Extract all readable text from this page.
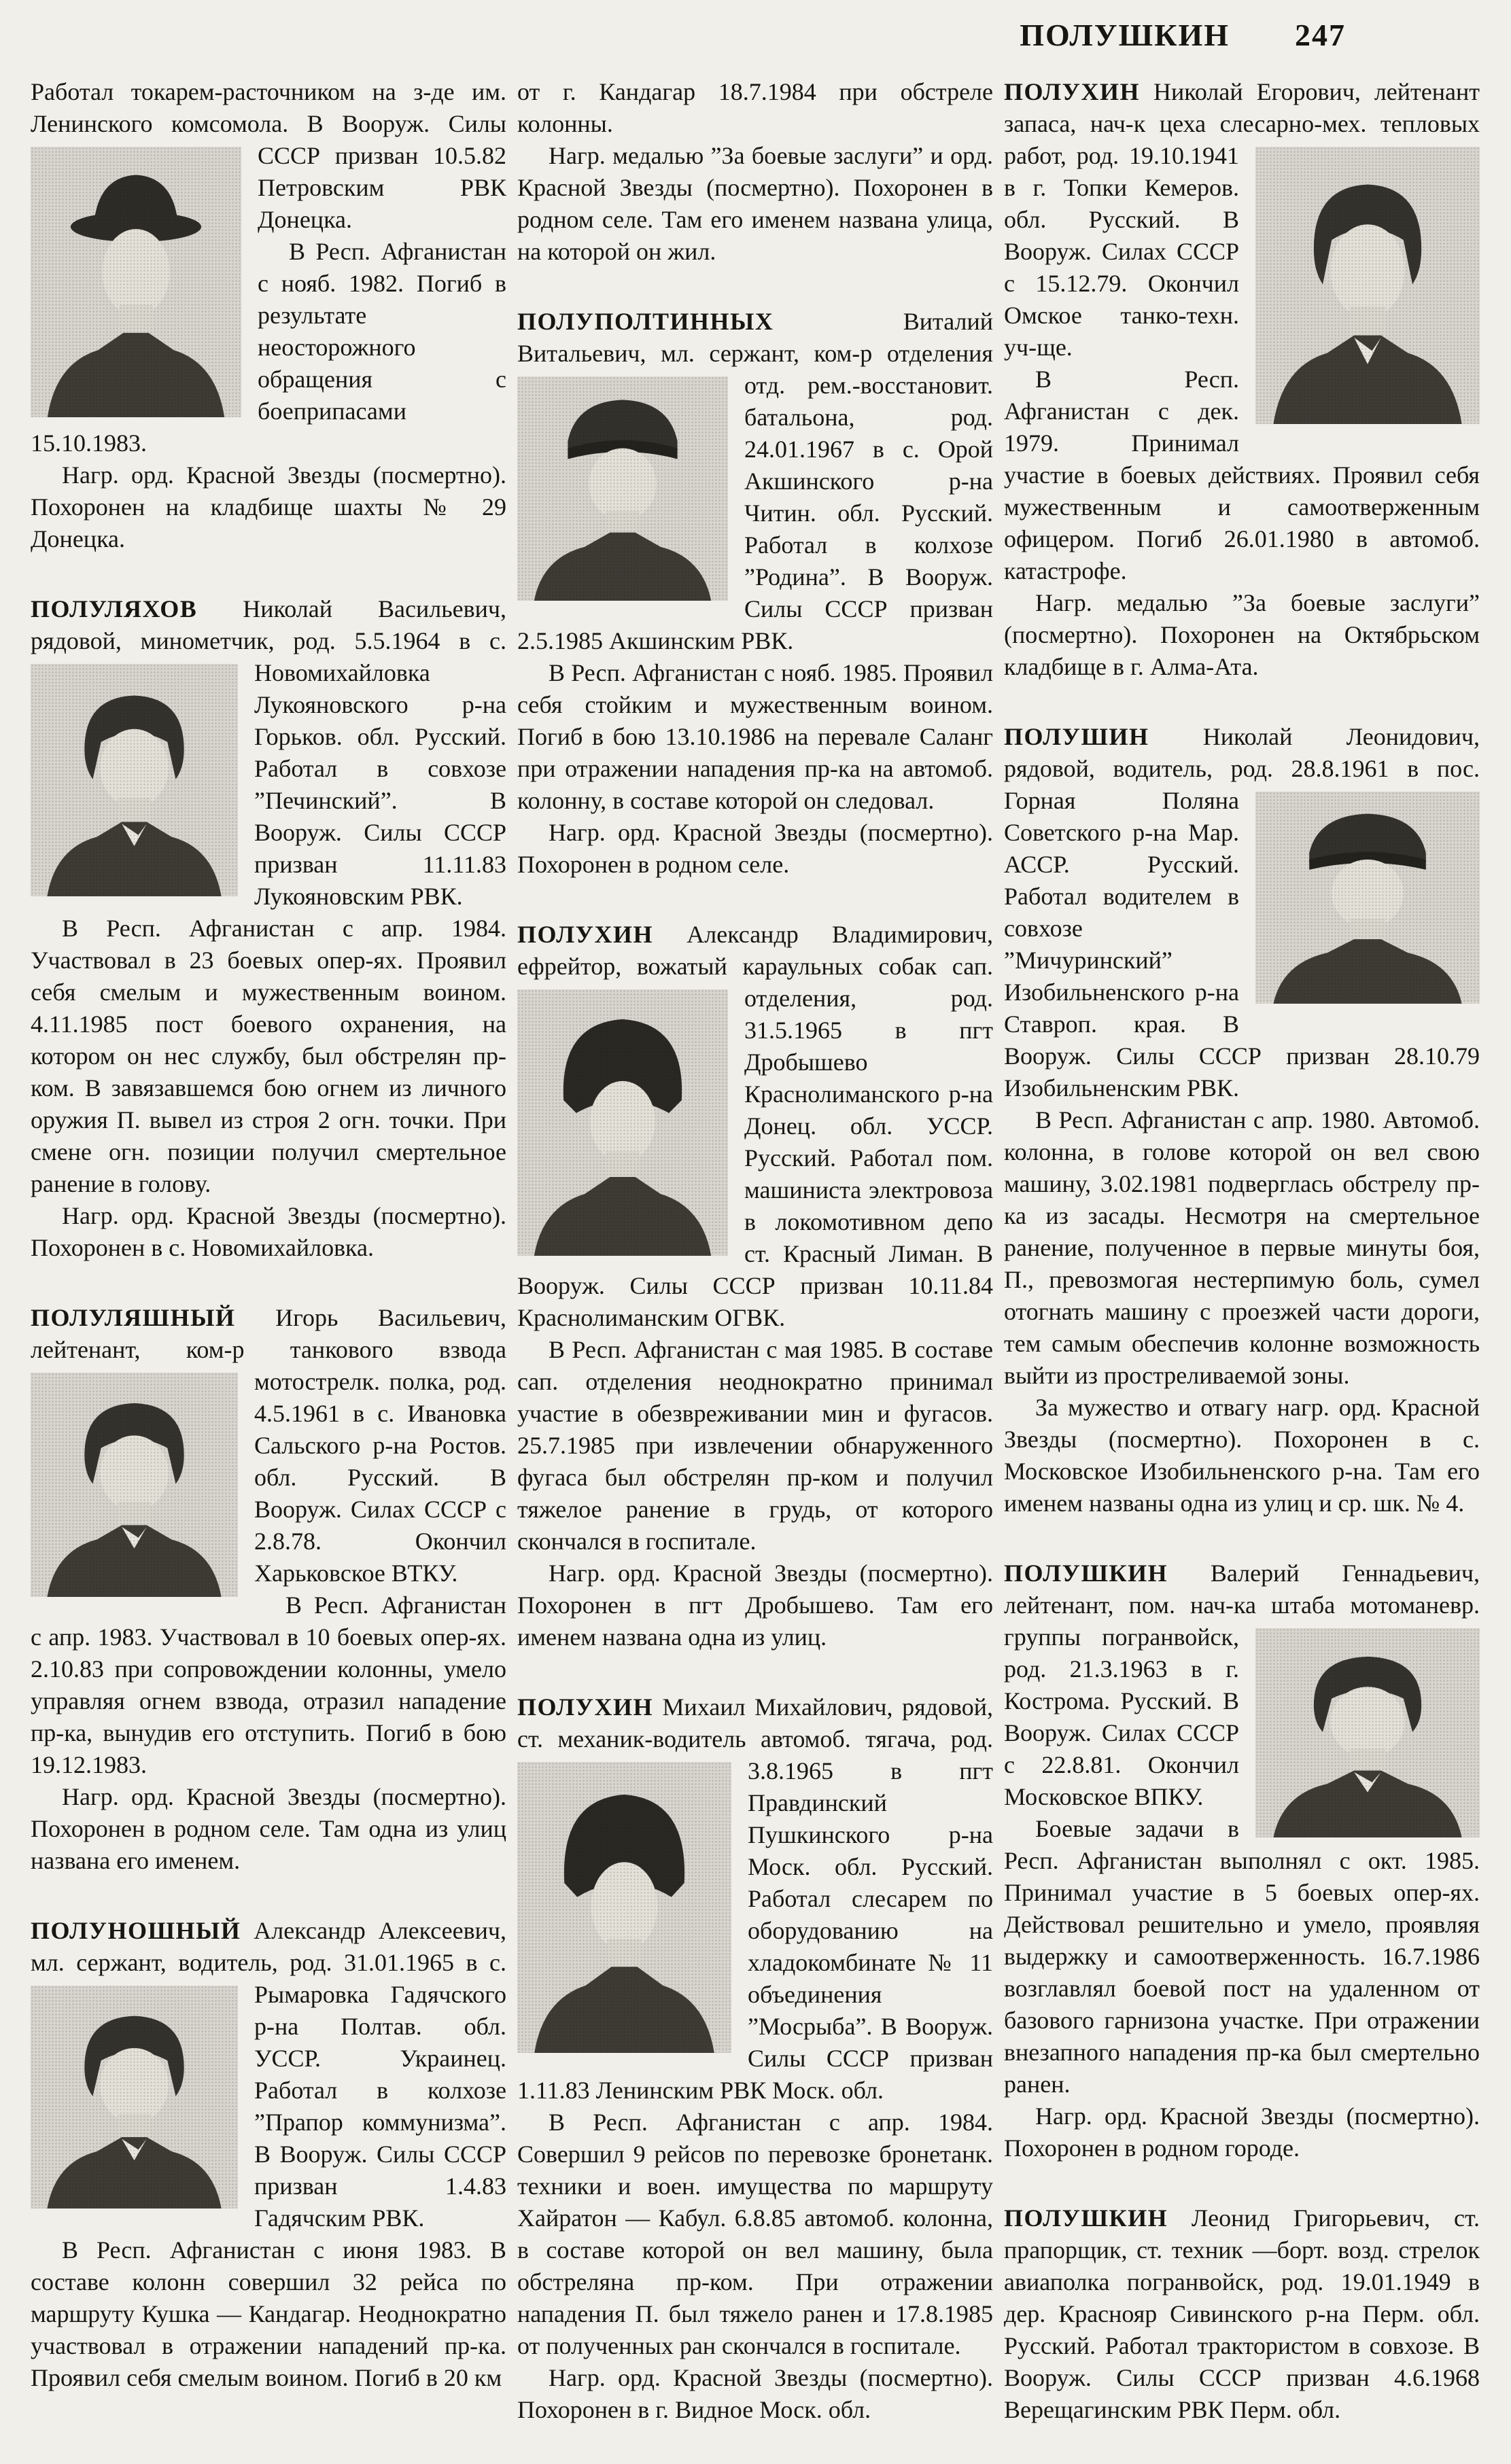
ПОЛУШКИН 247

Работал токарем-расточником на з-де им. Ленинского комсомола. В Вооруж. Силы
СССР призван 10.5.82 Петровским РВК Донецка.

В Респ. Афганистан с нояб. 1982. Погиб в результате неосторожного обращения с боеприпасами 15.10.1983.

Нагр. орд. Красной Звезды (посмертно). Похоронен на кладбище шахты № 29 Донецка.

ПОЛУЛЯХОВ Николай Васильевич, рядовой, минометчик, род. 5.5.1964 в с.
Новомихайловка Лукояновского р-на Горьков. обл. Русский. Работал в совхозе ”Печинский”. В Вооруж. Силы СССР призван 11.11.83 Лукояновским РВК.

В Респ. Афганистан с апр. 1984. Участвовал в 23 боевых опер-ях. Проявил себя смелым и мужественным воином. 4.11.1985 пост боевого охранения, на котором он нес службу, был обстрелян пр-ком. В завязавшемся бою огнем из личного оружия П. вывел из строя 2 огн. точки. При смене огн. позиции получил смертельное ранение в голову.

Нагр. орд. Красной Звезды (посмертно). Похоронен в с. Новомихайловка.

ПОЛУЛЯШНЫЙ Игорь Васильевич, лейтенант, ком-р танкового взвода
мотострелк. полка, род. 4.5.1961 в с. Ивановка Сальского р-на Ростов. обл. Русский. В Вооруж. Силах СССР с 2.8.78. Окончил Харьковское ВТКУ.

В Респ. Афганистан с апр. 1983. Участвовал в 10 боевых опер-ях. 2.10.83 при сопровождении колонны, умело управляя огнем взвода, отразил нападение пр-ка, вынудив его отступить. Погиб в бою 19.12.1983.

Нагр. орд. Красной Звезды (посмертно). Похоронен в родном селе. Там одна из улиц названа его именем.

ПОЛУНОШНЫЙ Александр Алексеевич, мл. сержант, водитель, род. 31.01.1965 в
с. Рымаровка Гадячского р-на Полтав. обл. УССР. Украинец. Работал в колхозе ”Прапор коммунизма”. В Вооруж. Силы СССР призван 1.4.83 Гадячским РВК.

В Респ. Афганистан с июня 1983. В составе колонн совершил 32 рейса по маршруту Кушка — Кандагар. Неоднократно участвовал в отражении нападений пр-ка. Проявил себя смелым воином. Погиб в 20 км

от г. Кандагар 18.7.1984 при обстреле колонны.

Нагр. медалью ”За боевые заслуги” и орд. Красной Звезды (посмертно). Похоронен в родном селе. Там его именем названа улица, на которой он жил.

ПОЛУПОЛТИННЫХ Виталий Витальевич, мл. сержант, ком-р отделения отд.
рем.-восстановит. батальона, род. 24.01.1967 в с. Орой Акшинского р-на Читин. обл. Русский. Работал в колхозе ”Родина”. В Вооруж. Силы СССР призван 2.5.1985 Акшинским РВК.

В Респ. Афганистан с нояб. 1985. Проявил себя стойким и мужественным воином. Погиб в бою 13.10.1986 на перевале Саланг при отражении нападения пр-ка на автомоб. колонну, в составе которой он следовал.

Нагр. орд. Красной Звезды (посмертно). Похоронен в родном селе.

ПОЛУХИН Александр Владимирович, ефрейтор, вожатый караульных собак сап.
отделения, род. 31.5.1965 в пгт Дробышево Краснолиманского р-на Донец. обл. УССР. Русский. Работал пом. машиниста электровоза в локомотивном депо ст. Красный Лиман. В Вооруж. Силы СССР призван 10.11.84 Краснолиманским ОГВК.

В Респ. Афганистан с мая 1985. В составе сап. отделения неоднократно принимал участие в обезвреживании мин и фугасов. 25.7.1985 при извлечении обнаруженного фугаса был обстрелян пр-ком и получил тяжелое ранение в грудь, от которого скончался в госпитале.

Нагр. орд. Красной Звезды (посмертно). Похоронен в пгт Дробышево. Там его именем названа одна из улиц.

ПОЛУХИН Михаил Михайлович, рядовой, ст. механик-водитель автомоб.
тягача, род. 3.8.1965 в пгт Правдинский Пушкинского р-на Моск. обл. Русский. Работал слесарем по оборудованию на хладокомбинате № 11 объединения ”Мосрыба”. В Вооруж. Силы СССР призван 1.11.83 Ленинским РВК Моск. обл.

В Респ. Афганистан с апр. 1984. Совершил 9 рейсов по перевозке бронетанк. техники и воен. имущества по маршруту Хайратон — Кабул. 6.8.85 автомоб. колонна, в составе которой он вел машину, была обстреляна пр-ком. При отражении нападения П. был тяжело ранен и 17.8.1985 от полученных ран скончался в госпитале.

Нагр. орд. Красной Звезды (посмертно). Похоронен в г. Видное Моск. обл.

ПОЛУХИН Николай Егорович, лейтенант запаса, нач-к цеха слесарно-мех. тепловых работ, род. 19.10.1941
в г. Топки Кемеров. обл. Русский. В Вооруж. Силах СССР с 15.12.79. Окончил Омское танко-техн. уч-ще.

В Респ. Афганистан с дек. 1979. Принимал участие в боевых действиях. Проявил себя мужественным и самоотверженным офицером. Погиб 26.01.1980 в автомоб. катастрофе.

Нагр. медалью ”За боевые заслуги” (посмертно). Похоронен на Октябрьском кладбище в г. Алма-Ата.

ПОЛУШИН Николай Леонидович, рядовой, водитель, род. 28.8.1961 в пос. Горная
Поляна Советского р-на Мар. АССР. Русский. Работал водителем в совхозе ”Мичуринский” Изобильненского р-на Ставроп. края. В Вооруж. Силы СССР призван 28.10.79 Изобильненским РВК.

В Респ. Афганистан с апр. 1980. Автомоб. колонна, в голове которой он вел свою машину, 3.02.1981 подверглась обстрелу пр-ка из засады. Несмотря на смертельное ранение, полученное в первые минуты боя, П., превозмогая нестерпимую боль, сумел отогнать машину с проезжей части дороги, тем самым обеспечив колонне возможность выйти из простреливаемой зоны.

За мужество и отвагу нагр. орд. Красной Звезды (посмертно). Похоронен в с. Московское Изобильненского р-на. Там его именем названы одна из улиц и ср. шк. № 4.

ПОЛУШКИН Валерий Геннадьевич, лейтенант, пом. нач-ка штаба мотоманевр.
группы погранвойск, род. 21.3.1963 в г. Кострома. Русский. В Вооруж. Силах СССР с 22.8.81. Окончил Московское ВПКУ.

Боевые задачи в Респ. Афганистан выполнял с окт. 1985. Принимал участие в 5 боевых опер-ях. Действовал решительно и умело, проявляя выдержку и самоотверженность. 16.7.1986 возглавлял боевой пост на удаленном от базового гарнизона участке. При отражении внезапного нападения пр-ка был смертельно ранен.

Нагр. орд. Красной Звезды (посмертно). Похоронен в родном городе.

ПОЛУШКИН Леонид Григорьевич, ст. прапорщик, ст. техник —борт. возд. стрелок авиаполка погранвойск, род. 19.01.1949 в дер. Краснояр Сивинского р-на Перм. обл. Русский. Работал трактористом в совхозе. В Вооруж. Силы СССР призван 4.6.1968 Верещагинским РВК Перм. обл.
